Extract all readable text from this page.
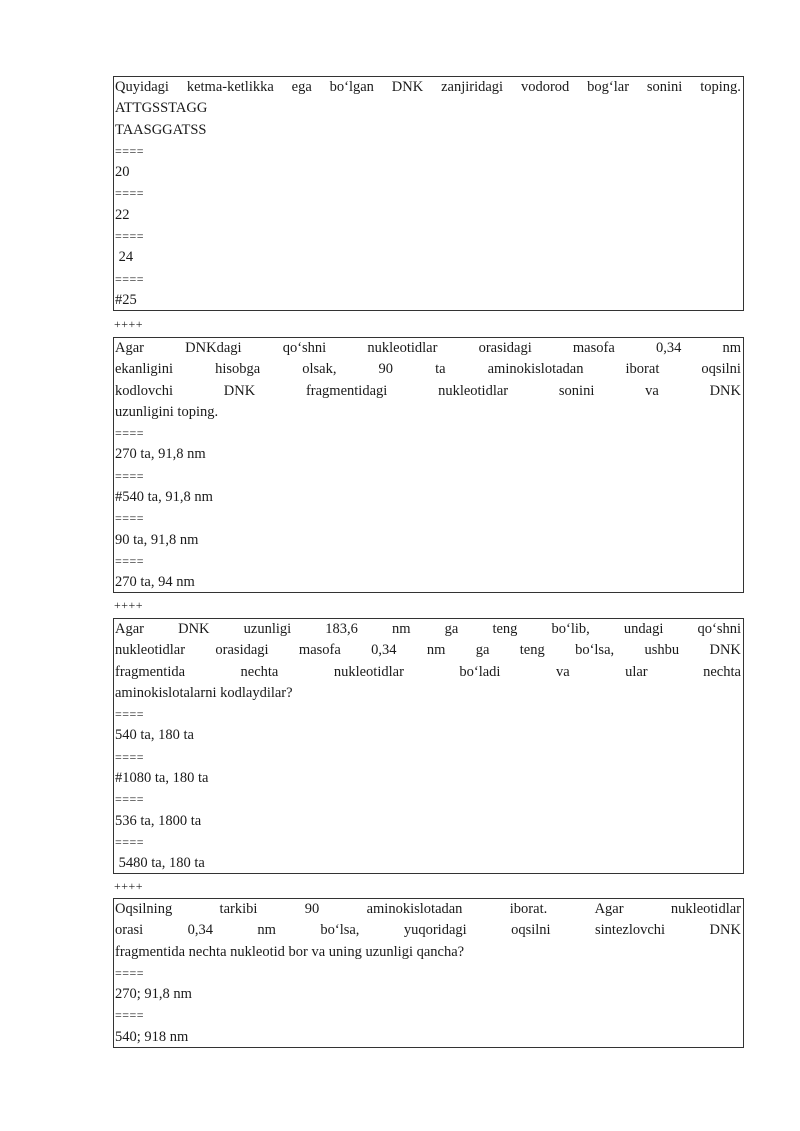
Quyidagi ketma-ketlikka ega bo‘lgan DNK zanjiridagi vodorod bog‘lar sonini toping.
ATTGSSTAGG
TAASGGATSS
====
20
====
22
====
24
====
#25
++++
Agar	DNKdagi	qo‘shni	nukleotidlar	orasidagi	masofa	0,34	nm
ekanligini	hisobga	olsak,	90	ta	aminokislotadan	iborat	oqsilni
kodlovchi	DNK	fragmentidagi	nukleotidlar	sonini	va	DNK
uzunligini toping.
====
270 ta, 91,8 nm
====
#540 ta, 91,8 nm
====
90 ta, 91,8 nm
====
270 ta, 94 nm
++++
Agar DNK uzunligi 183,6 nm ga teng bo‘lib, undagi qo‘shni
nukleotidlar orasidagi masofa 0,34 nm ga teng bo‘lsa, ushbu DNK
fragmentida	nechta	nukleotidlar	bo‘ladi	va	ular	nechta
aminokislotalarni kodlaydilar?
====
540 ta, 180 ta
====
#1080 ta, 180 ta
====
536 ta, 1800 ta
====
5480 ta, 180 ta
++++
Oqsilning	tarkibi	90	aminokislotadan	iborat.	Agar	nukleotidlar
orasi	0,34	nm	bo‘lsa,	yuqoridagi	oqsilni	sintezlovchi	DNK
fragmentida nechta nukleotid bor va uning uzunligi qancha?
====
270; 91,8 nm
====
540; 918 nm
